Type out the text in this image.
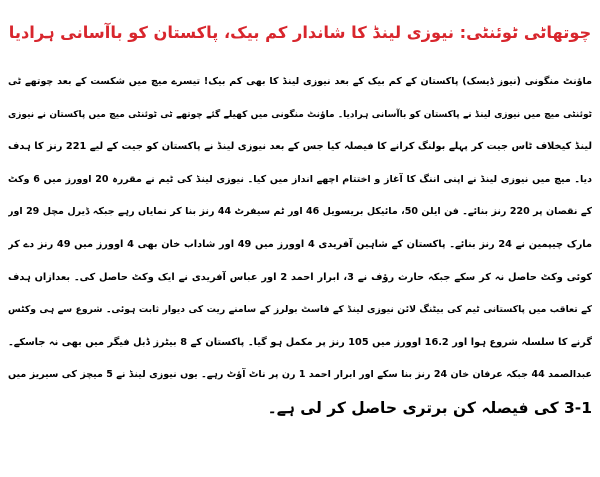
چوتھاٹی ٹوئنٹی: نیوزی لینڈ کا شاندار کم بیک، پاکستان کو باآسانی ہرادیا
ماؤنٹ منگونی (نیوز ڈیسک) پاکستان کے کم بیک کے بعد نیوزی لینڈ کا بھی کم بیک! تیسرے میچ میں شکست کے بعد چوتھے ٹی
ٹوئنٹی میچ میں نیوزی لینڈ نے پاکستان کو باآسانی ہرادیا۔ ماؤنٹ منگونی میں کھیلے گئے چوتھے ٹی ٹوئنٹی میچ میں پاکستان نے نیوزی
لینڈ کیخلاف ٹاس جیت کر پہلے بولنگ کرانے کا فیصلہ کیا جس کے بعد نیوزی لینڈ نے پاکستان کو جیت کے لیے 221 رنز کا ہدف
دیا۔ میچ میں نیوزی لینڈ نے اپنی اننگ کا آغاز و اختتام اچھے انداز میں کیا۔ نیوزی لینڈ کی ٹیم نے مقررہ 20 اوورز میں 6 وکٹ
کے نقصان پر 220 رنز بنائے۔ فن ایلن 50، مائیکل بریسویل 46 اور ٹم سیفرٹ 44 رنز بنا کر نمایاں رہے جبکہ ڈیرل مچل 29 اور
مارک چیپمین نے 24 رنز بنائے۔ پاکستان کے شاہین آفریدی 4 اوورز میں 49 اور شاداب خان بھی 4 اوورز میں 49 رنز دے کر
کوئی وکٹ حاصل نہ کر سکے جبکہ حارث رؤف نے 3، ابرار احمد 2 اور عباس آفریدی نے ایک وکٹ حاصل کی۔ بعدازاں ہدف
کے تعاقب میں پاکستانی ٹیم کی بیٹنگ لائن نیوزی لینڈ کے فاسٹ بولرز کے سامنے ریت کی دیوار ثابت ہوئی۔ شروع سے ہی وکٹس
گرنے کا سلسلہ شروع ہوا اور 16.2 اوورز میں 105 رنز پر مکمل ہو گیا۔ پاکستان کے 8 بیٹرز ڈبل فیگر میں بھی نہ جاسکے۔
عبدالصمد 44 جبکہ عرفان خان 24 رنز بنا سکے اور ابرار احمد 1 رن پر ناٹ آؤٹ رہے۔ یوں نیوزی لینڈ نے 5 میچز کی سیریز میں
3-1 کی فیصلہ کن برتری حاصل کر لی ہے۔
